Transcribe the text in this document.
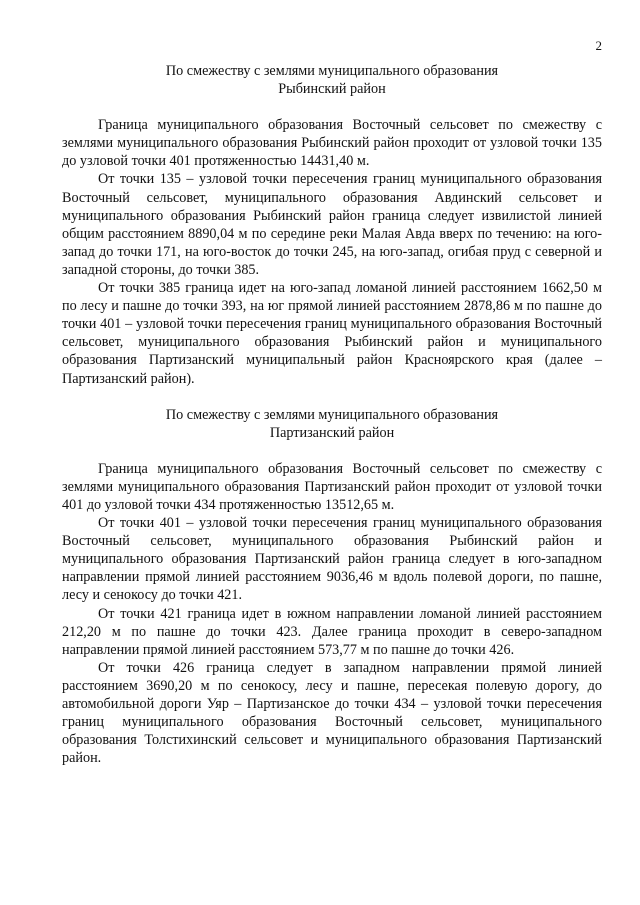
2
По смежеству с землями муниципального образования
Рыбинский район

Граница муниципального образования Восточный сельсовет по смежеству с землями муниципального образования Рыбинский район проходит от узловой точки 135 до узловой точки 401 протяженностью 14431,40 м.

От точки 135 – узловой точки пересечения границ муниципального образования Восточный сельсовет, муниципального образования Авдинский сельсовет и муниципального образования Рыбинский район граница следует извилистой линией общим расстоянием 8890,04 м по середине реки Малая Авда вверх по течению: на юго-запад до точки 171, на юго-восток до точки 245, на юго-запад, огибая пруд с северной и западной стороны, до точки 385.

От точки 385 граница идет на юго-запад ломаной линией расстоянием 1662,50 м по лесу и пашне до точки 393, на юг прямой линией расстоянием 2878,86 м по пашне до точки 401 – узловой точки пересечения границ муниципального образования Восточный сельсовет, муниципального образования Рыбинский район и муниципального образования Партизанский муниципальный район Красноярского края (далее – Партизанский район).

По смежеству с землями муниципального образования
Партизанский район

Граница муниципального образования Восточный сельсовет по смежеству с землями муниципального образования Партизанский район проходит от узловой точки 401 до узловой точки 434 протяженностью 13512,65 м.

От точки 401 – узловой точки пересечения границ муниципального образования Восточный сельсовет, муниципального образования Рыбинский район и муниципального образования Партизанский район граница следует в юго-западном направлении прямой линией расстоянием 9036,46 м вдоль полевой дороги, по пашне, лесу и сенокосу до точки 421.

От точки 421 граница идет в южном направлении ломаной линией расстоянием 212,20 м по пашне до точки 423. Далее граница проходит в северо-западном направлении прямой линией расстоянием 573,77 м по пашне до точки 426.

От точки 426 граница следует в западном направлении прямой линией расстоянием 3690,20 м по сенокосу, лесу и пашне, пересекая полевую дорогу, до автомобильной дороги Уяр – Партизанское до точки 434 – узловой точки пересечения границ муниципального образования Восточный сельсовет, муниципального образования Толстихинский сельсовет и муниципального образования Партизанский район.
